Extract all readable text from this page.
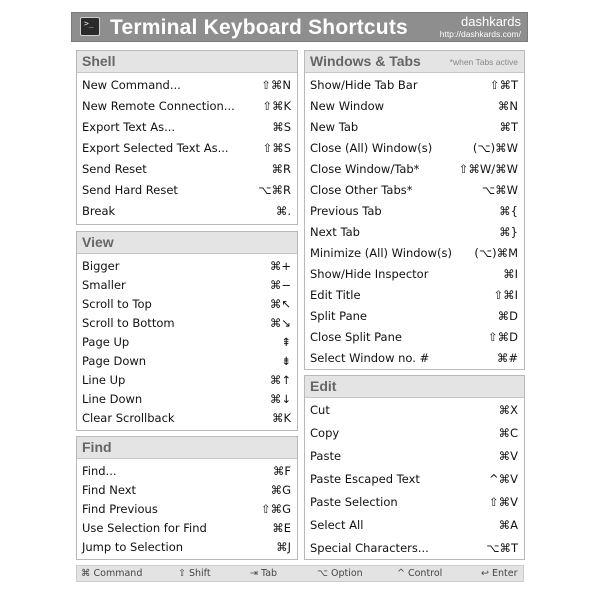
>_ Terminal Keyboard Shortcuts	dashkards
http://dashkards.com/
Shell
New Command...	⇧⌘N
New Remote Connection... ⇧⌘K
Export Text As...	⌘S
Export Selected Text As...	⇧⌘S
Send Reset	⌘R
Send Hard Reset	⌥⌘R
Break	⌘.
View
Bigger	⌘+
Smaller	⌘−
Scroll to Top	⌘↖
Scroll to Bottom	⌘↘
Page Up	⇞
Page Down	⇟
Line Up	⌘↑
Line Down	⌘↓
Clear Scrollback	⌘K
Find
Find...	⌘F
Find Next	⌘G
Find Previous	⇧⌘G
Use Selection for Find	⌘E
Jump to Selection	⌘J
Windows & Tabs	*when Tabs active
Show/Hide Tab Bar	⇧⌘T
New Window	⌘N
New Tab	⌘T
Close (All) Window(s)	(⌥)⌘W
Close Window/Tab*	⇧⌘W/⌘W
Close Other Tabs*	⌥⌘W
Previous Tab	⌘{
Next Tab	⌘}
Minimize (All) Window(s) (⌥)⌘M
Show/Hide Inspector	⌘I
Edit Title	⇧⌘I
Split Pane	⌘D
Close Split Pane	⇧⌘D
Select Window no. #	⌘#
Edit
Cut	⌘X
Copy	⌘C
Paste	⌘V
Paste Escaped Text	^⌘V
Paste Selection	⇧⌘V
Select All	⌘A
Special Characters...	⌥⌘T
⌘ Command	⇧ Shift	⇥ Tab	⌥ Option	^ Control	↩ Enter
